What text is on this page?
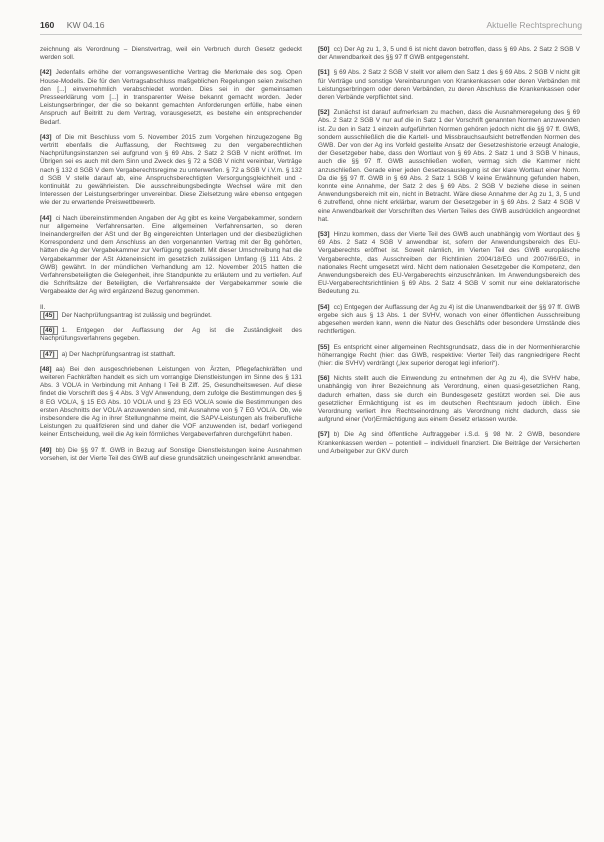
160 KW 04.16	Aktuelle Rechtsprechung

zeichnung als Verordnung – Dienstvertrag, weil ein Verbruch durch Gesetz gedeckt werden soll.

[42] Jedenfalls erhöhe der vorrangswesentliche Vertrag die Merkmale des sog. Open House-Modells. Die für den Vertragsabschluss maßgeblichen Regelungen seien zwischen den [...] einvernehmlich verabschiedet worden. Dies sei in der gemeinsamen Presseerklärung vom [...] in transparenter Weise bekannt gemacht worden. Jeder Leistungserbringer, der die so bekannt gemachten Anforderungen erfülle, habe einen Anspruch auf Beitritt zu dem Vertrag, vorausgesetzt, es bestehe ein entsprechender Bedarf.

[43] of Die mit Beschluss vom 5. November 2015 zum Vorgehen hinzugezogene Bg vertritt ebenfalls die Auffassung, der Rechtsweg zu den vergaberechtlichen Nachprüfungsinstanzen sei aufgrund von § 69 Abs. 2 Satz 2 SGB V nicht eröffnet. Im Übrigen sei es auch mit dem Sinn und Zweck des § 72 a SGB V nicht vereinbar, Verträge nach § 132 d SGB V dem Vergaberechtsregime zu unterwerfen. § 72 a SGB V i.V.m. § 132 d SGB V stelle darauf ab, eine Anspruchsberechtigten Versorgungsgleichheit und -kontinuität zu gewährleisten. Die ausschreibungsbedingte Wechsel wäre mit den Interessen der Leistungserbringer unvereinbar. Diese Zielsetzung wäre ebenso entgegen wie der zu erwartende Preiswettbewerb.

[44] ci Nach übereinstimmenden Angaben der Ag gibt es keine Vergabekammer, sondern nur allgemeine Verfahrensarten. Eine allgemeinen Verfahrensarten, so deren Ineinandergreifen der ASt und der Bg eingereichten Unterlagen und der diesbezüglichen Korrespondenz und dem Anschluss an den vorgenannten Vertrag mit der Bg gehörten, hätten die Ag der Vergabekammer zur Verfügung gestellt. Mit dieser Umschreibung hat die Vergabekammer der ASt Akteneinsicht im gesetzlich zulässigen Umfang (§ 111 Abs. 2 GWB) gewährt. In der mündlichen Verhandlung am 12. November 2015 hatten die Verfahrensbeteiligten die Gelegenheit, ihre Standpunkte zu erläutern und zu vertiefen. Auf die Schriftsätze der Beteiligten, die Verfahrensakte der Vergabekammer sowie die Vergabeakte der Ag wird ergänzend Bezug genommen.

II.

[45] Der Nachprüfungsantrag ist zulässig und begründet.

[46] 1. Entgegen der Auffassung der Ag ist die Zuständigkeit des Nachprüfungsverfahrens gegeben.

[47] a) Der Nachprüfungsantrag ist statthaft.

[48] aa) Bei den ausgeschriebenen Leistungen von Ärzten, Pflegefachkräften und weiteren Fachkräften handelt es sich um vorrangige Dienstleistungen im Sinne des § 131 Abs. 3 VOL/A in Verbindung mit Anhang I Teil B Ziff. 25, Gesundheitswesen. Auf diese findet die Vorschrift des § 4 Abs. 3 VgV Anwendung, dem zufolge die Bestimmungen des § 8 EG VOL/A, § 15 EG Abs. 10 VOL/A und § 23 EG VOL/A sowie die Bestimmungen des ersten Abschnitts der VOL/A anzuwenden sind, mit Ausnahme von § 7 EG VOL/A. Ob, wie insbesondere die Ag in ihrer Stellungnahme meint, die SAPV-Leistungen als freiberufliche Leistungen zu qualifizieren sind und daher die VOF anzuwenden ist, bedarf vorliegend keiner Entscheidung, weil die Ag kein förmliches Vergabeverfahren durchgeführt haben.

[49] bb) Die §§ 97 ff. GWB in Bezug auf Sonstige Dienstleistungen keine Ausnahmen vorsehen, ist der Vierte Teil des GWB auf diese grundsätzlich uneingeschränkt anwendbar.

[50] cc) Der Ag zu 1, 3, 5 und 6 ist nicht davon betroffen, dass § 69 Abs. 2 Satz 2 SGB V der Anwendbarkeit des §§ 97 ff GWB entgegensteht.

[51] § 69 Abs. 2 Satz 2 SGB V stellt vor allem den Satz 1 des § 69 Abs. 2 SGB V nicht gilt für Verträge und sonstige Vereinbarungen von Krankenkassen oder deren Verbänden mit Leistungserbringern oder deren Verbänden, zu deren Abschluss die Krankenkassen oder deren Verbände verpflichtet sind.

[52] Zunächst ist darauf aufmerksam zu machen, dass die Ausnahmeregelung des § 69 Abs. 2 Satz 2 SGB V nur auf die in Satz 1 der Vorschrift genannten Normen anzuwenden ist. Zu den in Satz 1 einzeln aufgeführten Normen gehören jedoch nicht die §§ 97 ff. GWB, sondern ausschließlich die die Kartell- und Missbrauchsaufsicht betreffenden Normen des GWB. Der von der Ag ins Vorfeld gestellte Ansatz der Gesetzeshistorie erzeugt Analogie, der Gesetzgeber habe, dass den Wortlaut von § 69 Abs. 2 Satz 1 und 3 SGB V hinaus, auch die §§ 97 ff. GWB ausschließen wollen, vermag sich die Kammer nicht anzuschließen. Gerade einer jeden Gesetzesauslegung ist der klare Wortlaut einer Norm. Da die §§ 97 ff. GWB in § 69 Abs. 2 Satz 1 SGB V keine Erwähnung gefunden haben, konnte eine Annahme, der Satz 2 des § 69 Abs. 2 SGB V beziehe diese in seinen Anwendungsbereich mit ein, nicht in Betracht. Wäre diese Annahme der Ag zu 1, 3, 5 und 6 zutreffend, ohne nicht erklärbar, warum der Gesetzgeber in § 69 Abs. 2 Satz 4 SGB V eine Anwendbarkeit der Vorschriften des Vierten Teiles des GWB ausdrücklich angeordnet hat.

[53] Hinzu kommen, dass der Vierte Teil des GWB auch unabhängig vom Wortlaut des § 69 Abs. 2 Satz 4 SGB V anwendbar ist, sofern der Anwendungsbereich des EU-Vergaberechts eröffnet ist. Soweit nämlich, im Vierten Teil des GWB europäische Vergaberechte, das Ausschreiben der Richtlinien 2004/18/EG und 2007/66/EG, in nationales Recht umgesetzt wird. Nicht dem nationalen Gesetzgeber die Kompetenz, den Anwendungsbereich des EU-Vergaberechts einzuschränken. Im Anwendungsbereich des EU-Vergaberechtsrichtlinien § 69 Abs. 2 Satz 4 SGB V somit nur eine deklaratorische Bedeutung zu.

[54] cc) Entgegen der Auffassung der Ag zu 4) ist die Unanwendbarkeit der §§ 97 ff. GWB ergebe sich aus § 13 Abs. 1 der SVHV, wonach von einer öffentlichen Ausschreibung abgesehen werden kann, wenn die Natur des Geschäfts oder besondere Umstände dies rechtfertigen.

[55] Es entspricht einer allgemeinen Rechtsgrundsatz, dass die in der Normenhierarchie höherrangige Recht (hier: das GWB, respektive: Vierter Teil) das rangniedrigere Recht (hier: die SVHV) verdrängt („lex superior derogat legi inferiori“).

[56] Nichts stellt auch die Einwendung zu entnehmen der Ag zu 4), die SVHV habe, unabhängig von ihrer Bezeichnung als Verordnung, einen quasi-gesetzlichen Rang, dadurch erhalten, dass sie durch ein Bundesgesetz gestützt worden sei. Die aus gesetzlicher Ermächtigung ist es im deutschen Rechtsraum jedoch üblich. Eine Verordnung verliert ihre Rechtseinordnung als Verordnung nicht dadurch, dass sie aufgrund einer (Vor)Ermächtigung aus einem Gesetz erlassen wurde.

[57] b) Die Ag sind öffentliche Auftraggeber i.S.d. § 98 Nr. 2 GWB, besondere Krankenkassen werden – potentiell – individuell finanziert. Die Beiträge der Versicherten und Arbeitgeber zur GKV durch
